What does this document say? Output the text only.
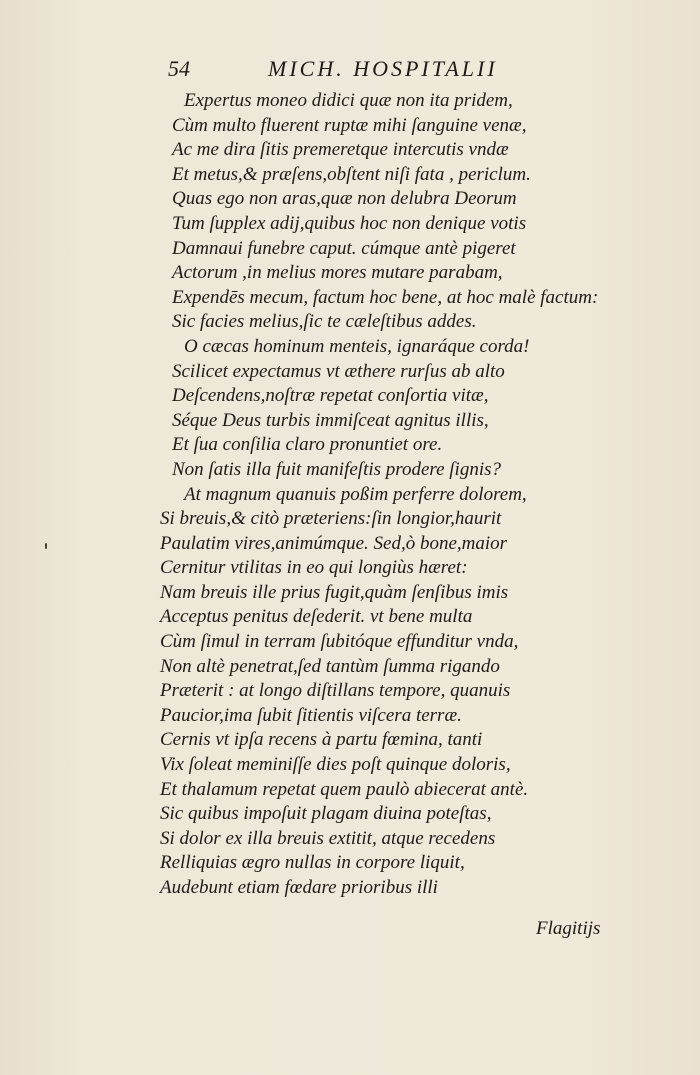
54	MICH. HOSPITALII
Expertus moneo didici quæ non ita pridem,
Cùm multo fluerent ruptæ mihi ſanguine venæ,
Ac me dira ſitis premeretque intercutis vndæ
Et metus,& præſens,obſtent niſi fata , periclum.
Quas ego non aras,quæ non delubra Deorum
Tum ſupplex adij,quibus hoc non denique votis
Damnaui funebre caput. cúmque antè pigeret
Actorum ,in melius mores mutare parabam,
Expendēs mecum, factum hoc bene, at hoc malè factum:
Sic facies melius,ſic te cæleſtibus addes.
O cæcas hominum menteis, ignaráque corda!
Scilicet expectamus vt æthere rurſus ab alto
Deſcendens,noſtræ repetat conſortia vitæ,
Séque Deus turbis immiſceat agnitus illis,
Et ſua conſilia claro pronuntiet ore.
Non ſatis illa fuit manifeſtis prodere ſignis?
At magnum quanuis poßim perferre dolorem,
Si breuis,& citò præteriens:ſin longior,haurit
Paulatim vires,animúmque. Sed,ò bone,maior
Cernitur vtilitas in eo qui longiùs hæret:
Nam breuis ille prius fugit,quàm ſenſibus imis
Acceptus penitus deſederit. vt bene multa
Cùm ſimul in terram ſubitóque effunditur vnda,
Non altè penetrat,ſed tantùm ſumma rigando
Præterit : at longo diſtillans tempore, quanuis
Paucior,ima ſubit ſitientis viſcera terræ.
Cernis vt ipſa recens à partu fœmina, tanti
Vix ſoleat meminiſſe dies poſt quinque doloris,
Et thalamum repetat quem paulò abiecerat antè.
Sic quibus impoſuit plagam diuina poteſtas,
Si dolor ex illa breuis extitit, atque recedens
Relliquias ægro nullas in corpore liquit,
Audebunt etiam fœdare prioribus illi
Flagitijs
